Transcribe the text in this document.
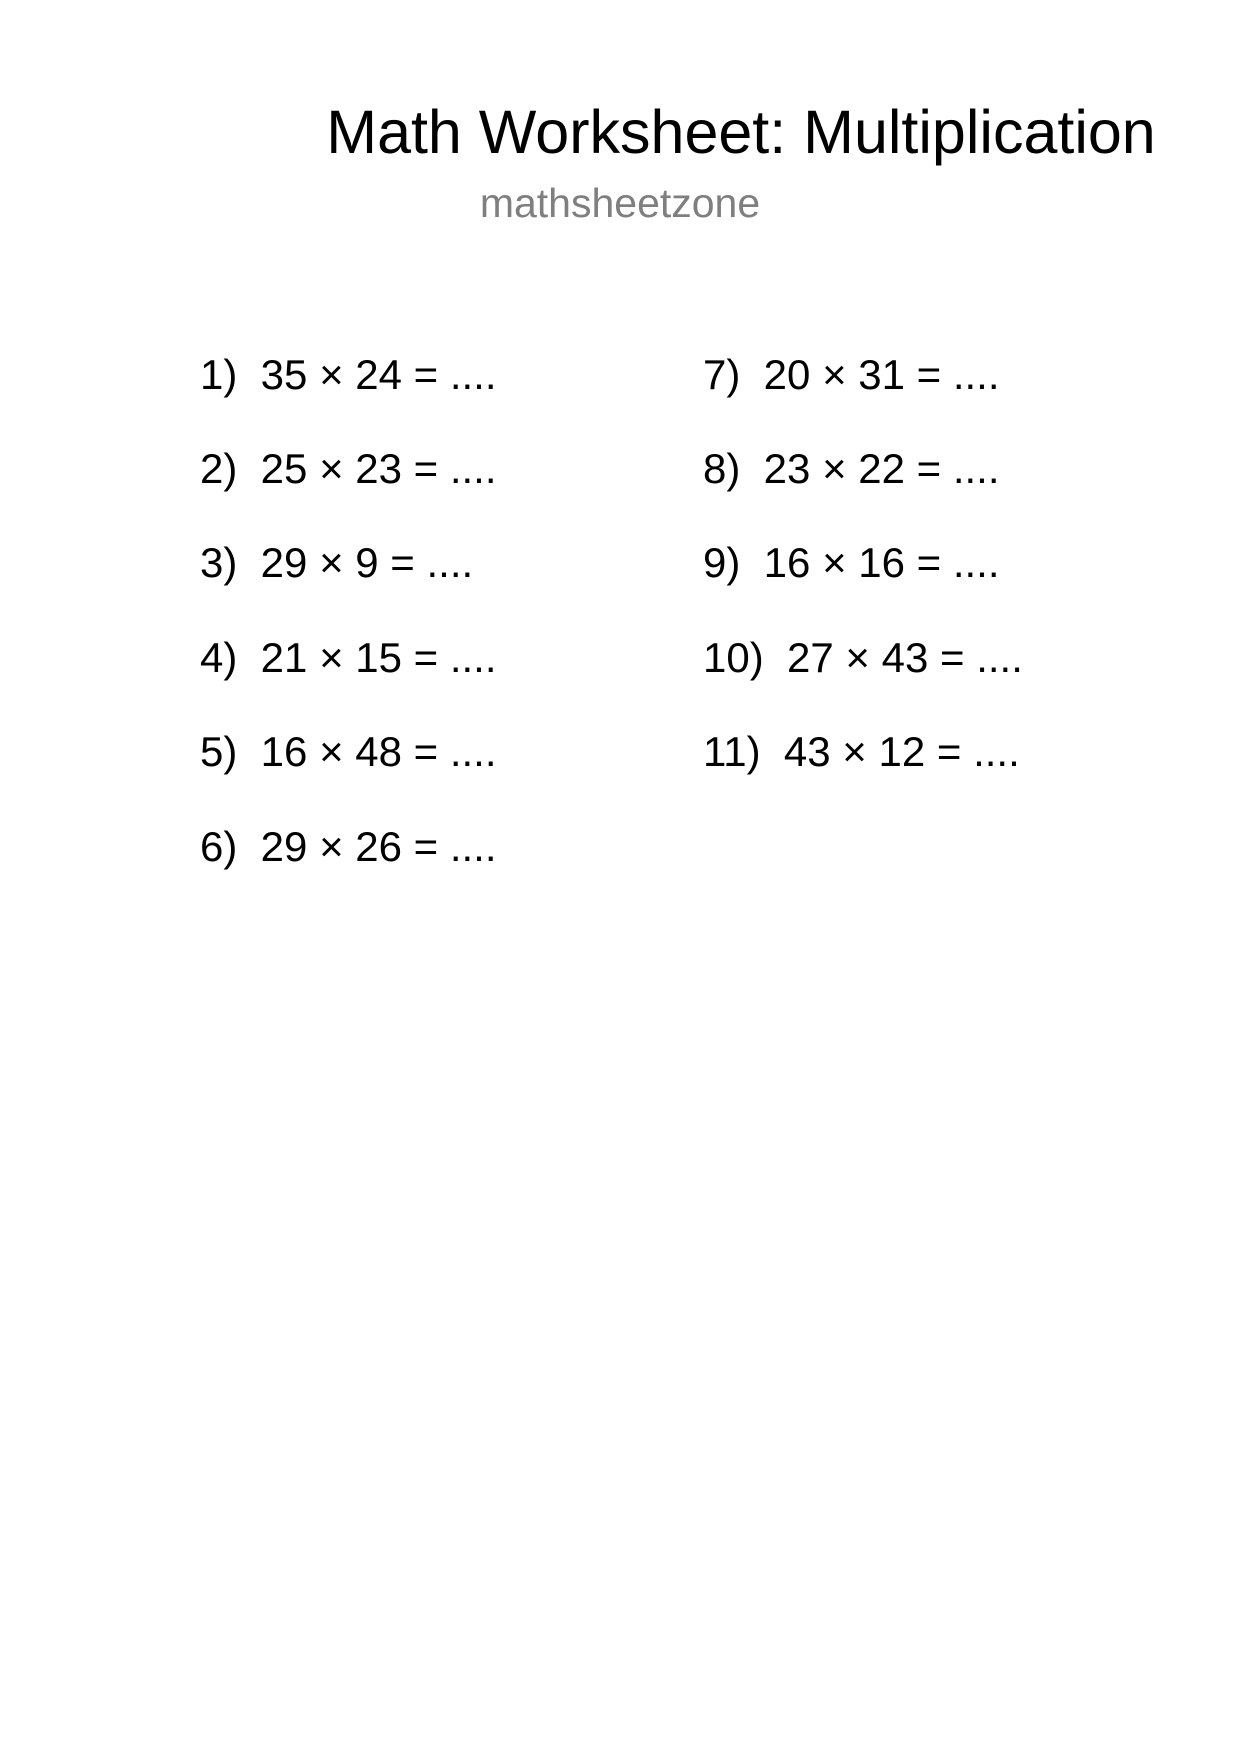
Math Worksheet: Multiplication
mathsheetzone
1)  35 × 24 = ....
2)  25 × 23 = ....
3)  29 × 9 = ....
4)  21 × 15 = ....
5)  16 × 48 = ....
6)  29 × 26 = ....
7)  20 × 31 = ....
8)  23 × 22 = ....
9)  16 × 16 = ....
10)  27 × 43 = ....
11)  43 × 12 = ....
